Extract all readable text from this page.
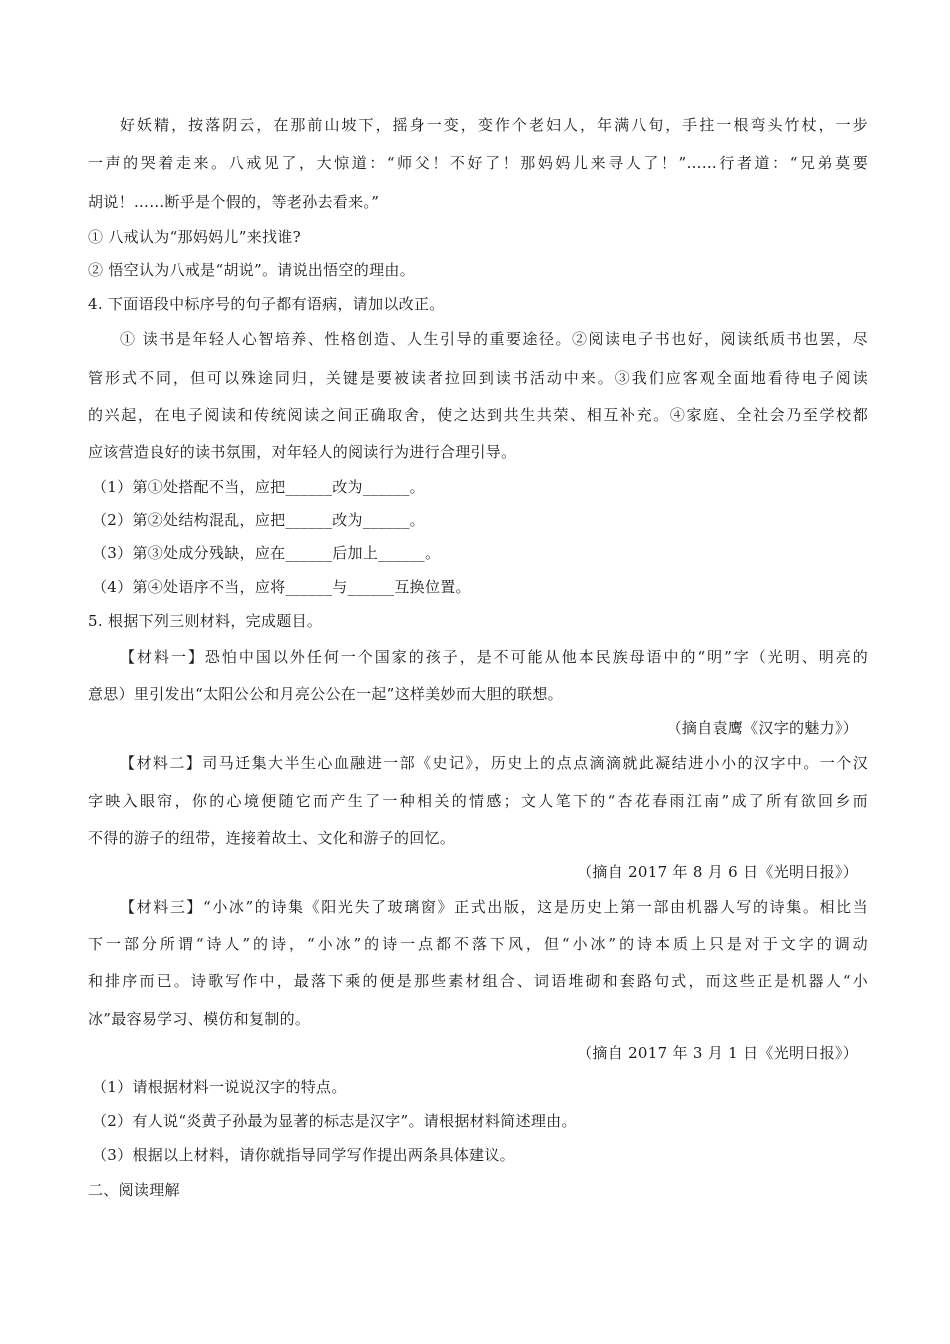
好妖精，按落阴云，在那前山坡下，摇身一变，变作个老妇人，年满八旬，手拄一根弯头竹杖，一步
一声的哭着走来。八戒见了，大惊道：“师父！不好了！那妈妈儿来寻人了！”……行者道：“兄弟莫要
胡说！……断乎是个假的，等老孙去看来。”
① 八戒认为“那妈妈儿”来找谁?
② 悟空认为八戒是“胡说”。请说出悟空的理由。
4. 下面语段中标序号的句子都有语病，请加以改正。
① 读书是年轻人心智培养、性格创造、人生引导的重要途径。②阅读电子书也好，阅读纸质书也罢，尽
管形式不同，但可以殊途同归，关键是要被读者拉回到读书活动中来。③我们应客观全面地看待电子阅读
的兴起，在电子阅读和传统阅读之间正确取舍，使之达到共生共荣、相互补充。④家庭、全社会乃至学校都
应该营造良好的读书氛围，对年轻人的阅读行为进行合理引导。
（1）第①处搭配不当，应把______改为______。
（2）第②处结构混乱，应把______改为______。
（3）第③处成分残缺，应在______后加上______。
（4）第④处语序不当，应将______与______互换位置。
5. 根据下列三则材料，完成题目。
【材料一】恐怕中国以外任何一个国家的孩子，是不可能从他本民族母语中的“明”字（光明、明亮的
意思）里引发出“太阳公公和月亮公公在一起”这样美妙而大胆的联想。
（摘自袁鹰《汉字的魅力》）
【材料二】司马迁集大半生心血融进一部《史记》，历史上的点点滴滴就此凝结进小小的汉字中。一个汉
字映入眼帘，你的心境便随它而产生了一种相关的情感；文人笔下的“杏花春雨江南”成了所有欲回乡而
不得的游子的纽带，连接着故土、文化和游子的回忆。
（摘自 2017 年 8 月 6 日《光明日报》）
【材料三】“小冰”的诗集《阳光失了玻璃窗》正式出版，这是历史上第一部由机器人写的诗集。相比当
下一部分所谓“诗人”的诗，“小冰”的诗一点都不落下风，但“小冰”的诗本质上只是对于文字的调动
和排序而已。诗歌写作中，最落下乘的便是那些素材组合、词语堆砌和套路句式，而这些正是机器人“小
冰”最容易学习、模仿和复制的。
（摘自 2017 年 3 月 1 日《光明日报》）
（1）请根据材料一说说汉字的特点。
（2）有人说“炎黄子孙最为显著的标志是汉字”。请根据材料简述理由。
（3）根据以上材料，请你就指导同学写作提出两条具体建议。
二、阅读理解
